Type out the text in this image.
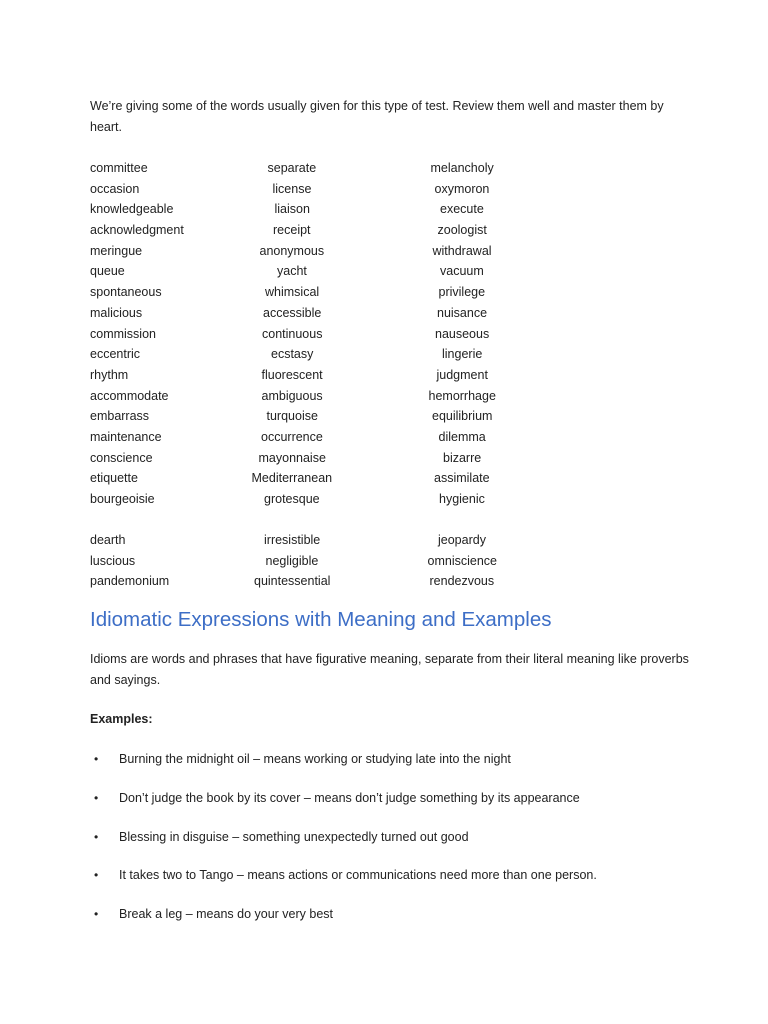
We’re giving some of the words usually given for this type of test. Review them well and master them by heart.

committee	separate	melancholy
occasion	license	oxymoron
knowledgeable	liaison	execute
acknowledgment	receipt	zoologist
meringue	anonymous	withdrawal
queue	yacht	vacuum
spontaneous	whimsical	privilege
malicious	accessible	nuisance
commission	continuous	nauseous
eccentric	ecstasy	lingerie
rhythm	fluorescent	judgment
accommodate	ambiguous	hemorrhage
embarrass	turquoise	equilibrium
maintenance	occurrence	dilemma
conscience	mayonnaise	bizarre
etiquette	Mediterranean	assimilate
bourgeoisie	grotesque	hygienic
dearth	irresistible	jeopardy
luscious	negligible	omniscience
pandemonium	quintessential	rendezvous
Idiomatic Expressions with Meaning and Examples

Idioms are words and phrases that have figurative meaning, separate from their literal meaning like proverbs and sayings.

Examples:

• Burning the midnight oil – means working or studying late into the night
• Don’t judge the book by its cover – means don’t judge something by its appearance
• Blessing in disguise – something unexpectedly turned out good
• It takes two to Tango – means actions or communications need more than one person.
• Break a leg – means do your very best
